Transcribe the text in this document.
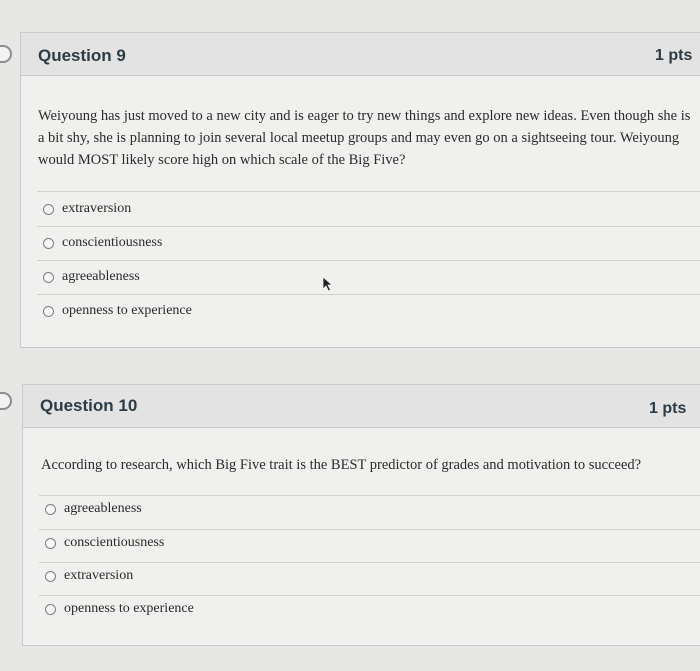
Question 9	1 pts
Weiyoung has just moved to a new city and is eager to try new things and explore new ideas. Even though she is a bit shy, she is planning to join several local meetup groups and may even go on a sightseeing tour. Weiyoung would MOST likely score high on which scale of the Big Five?
extraversion
conscientiousness
agreeableness
openness to experience
Question 10	1 pts
According to research, which Big Five trait is the BEST predictor of grades and motivation to succeed?
agreeableness
conscientiousness
extraversion
openness to experience
